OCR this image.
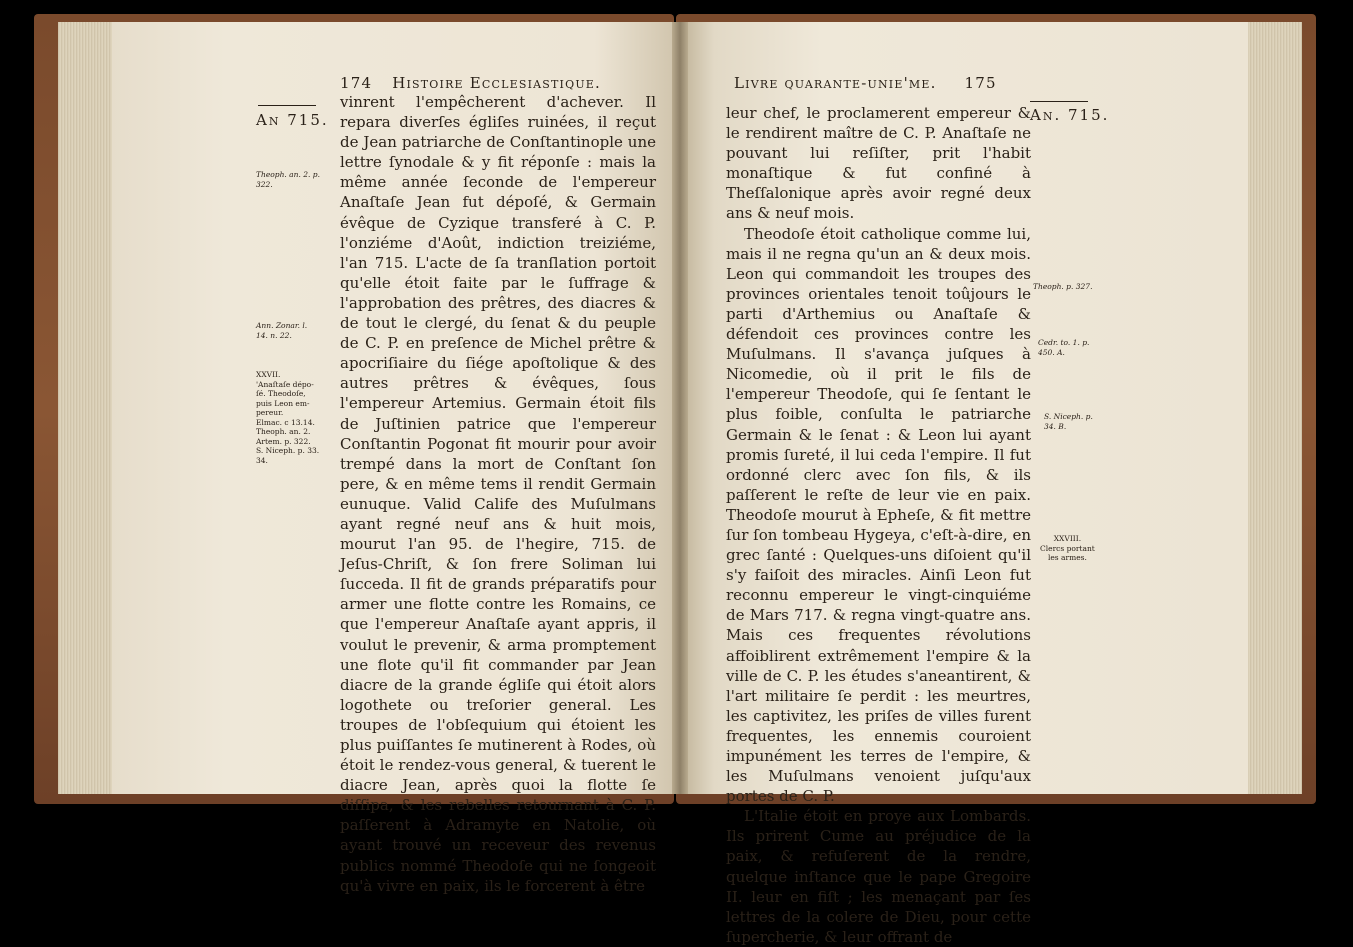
174 Histoire Ecclesiastique.
An 715.
Theoph. an. 2. p.
322.
Ann. Zonar. l.
14. n. 22.
XXVII.
'Anaſtaſe dépo-
ſé. Theodoſe,
puis Leon em-
pereur.
Elmac. c 13.14.
Theoph. an. 2.
Artem. p. 322.
S. Niceph. p. 33.
34.

vinrent l'empêcherent d'achever. Il repara diverſes égliſes ruinées, il reçut de Jean patriarche de Conſtantinople une lettre ſynodale & y fit réponſe : mais la même année ſeconde de l'empereur Anaſtaſe Jean fut dépoſé, & Germain évêque de Cyzique transferé à C. P. l'onziéme d'Août, indiction treiziéme, l'an 715. L'acte de ſa tranſlation portoit qu'elle étoit faite par le ſuffrage & l'approbation des prêtres, des diacres & de tout le clergé, du ſenat & du peuple de C. P. en preſence de Michel prêtre & apocriſiaire du ſiége apoſtolique & des autres prêtres & évêques, ſous l'empereur Artemius. Germain étoit fils de Juſtinien patrice que l'empereur Conſtantin Pogonat fit mourir pour avoir trempé dans la mort de Conſtant ſon pere, & en même tems il rendit Germain eunuque. Valid Calife des Muſulmans ayant regné neuf ans & huit mois, mourut l'an 95. de l'hegire, 715. de Jeſus-Chriſt, & ſon frere Soliman lui ſucceda. Il fit de grands préparatifs pour armer une flotte contre les Romains, ce que l'empereur Anaſtaſe ayant appris, il voulut le prevenir, & arma promptement une flote qu'il fit commander par Jean diacre de la grande égliſe qui étoit alors logothete ou treſorier general. Les troupes de l'obſequium qui étoient les plus puiſſantes ſe mutinerent à Rodes, où étoit le rendez-vous general, & tuerent le diacre Jean, après quoi la flotte ſe diſſipa, & les rebelles retournant à C. P. paſſerent à Adramyte en Natolie, où ayant trouvé un receveur des revenus publics nommé Theodoſe qui ne ſongeoit qu'à vivre en paix, ils le forcerent à être

Livre quarante-unie'me. 175
An. 715.
Theoph. p. 327.
Cedr. to. 1. p.
450. A.
S. Niceph. p.
34. B.
XXVIII.
Clercs portant
les armes.

leur chef, le proclamerent empereur & le rendirent maître de C. P. Anaſtaſe ne pouvant lui reſiſter, prit l'habit monaſtique & fut confiné à Theſſalonique après avoir regné deux ans & neuf mois.

Theodoſe étoit catholique comme lui, mais il ne regna qu'un an & deux mois. Leon qui commandoit les troupes des provinces orientales tenoit toûjours le parti d'Arthemius ou Anaſtaſe & défendoit ces provinces contre les Muſulmans. Il s'avança juſques à Nicomedie, où il prit le fils de l'empereur Theodoſe, qui ſe ſentant le plus foible, conſulta le patriarche Germain & le ſenat : & Leon lui ayant promis ſureté, il lui ceda l'empire. Il fut ordonné clerc avec ſon fils, & ils paſſerent le reſte de leur vie en paix. Theodoſe mourut à Epheſe, & fit mettre ſur ſon tombeau Hygeya, c'eſt-à-dire, en grec ſanté : Quelques-uns diſoient qu'il s'y faiſoit des miracles. Ainſi Leon fut reconnu empereur le vingt-cinquiéme de Mars 717. & regna vingt-quatre ans. Mais ces frequentes révolutions affoiblirent extrêmement l'empire & la ville de C. P. les études s'aneantirent, & l'art militaire ſe perdit : les meurtres, les captivitez, les priſes de villes furent frequentes, les ennemis couroient impunément les terres de l'empire, & les Muſulmans venoient juſqu'aux portes de C. P.

L'Italie étoit en proye aux Lombards. Ils prirent Cume au préjudice de la paix, & refuſerent de la rendre, quelque inſtance que le pape Gregoire II. leur en fiſt ; les menaçant par ſes lettres de la colere de Dieu, pour cette ſupercherie, & leur offrant de
